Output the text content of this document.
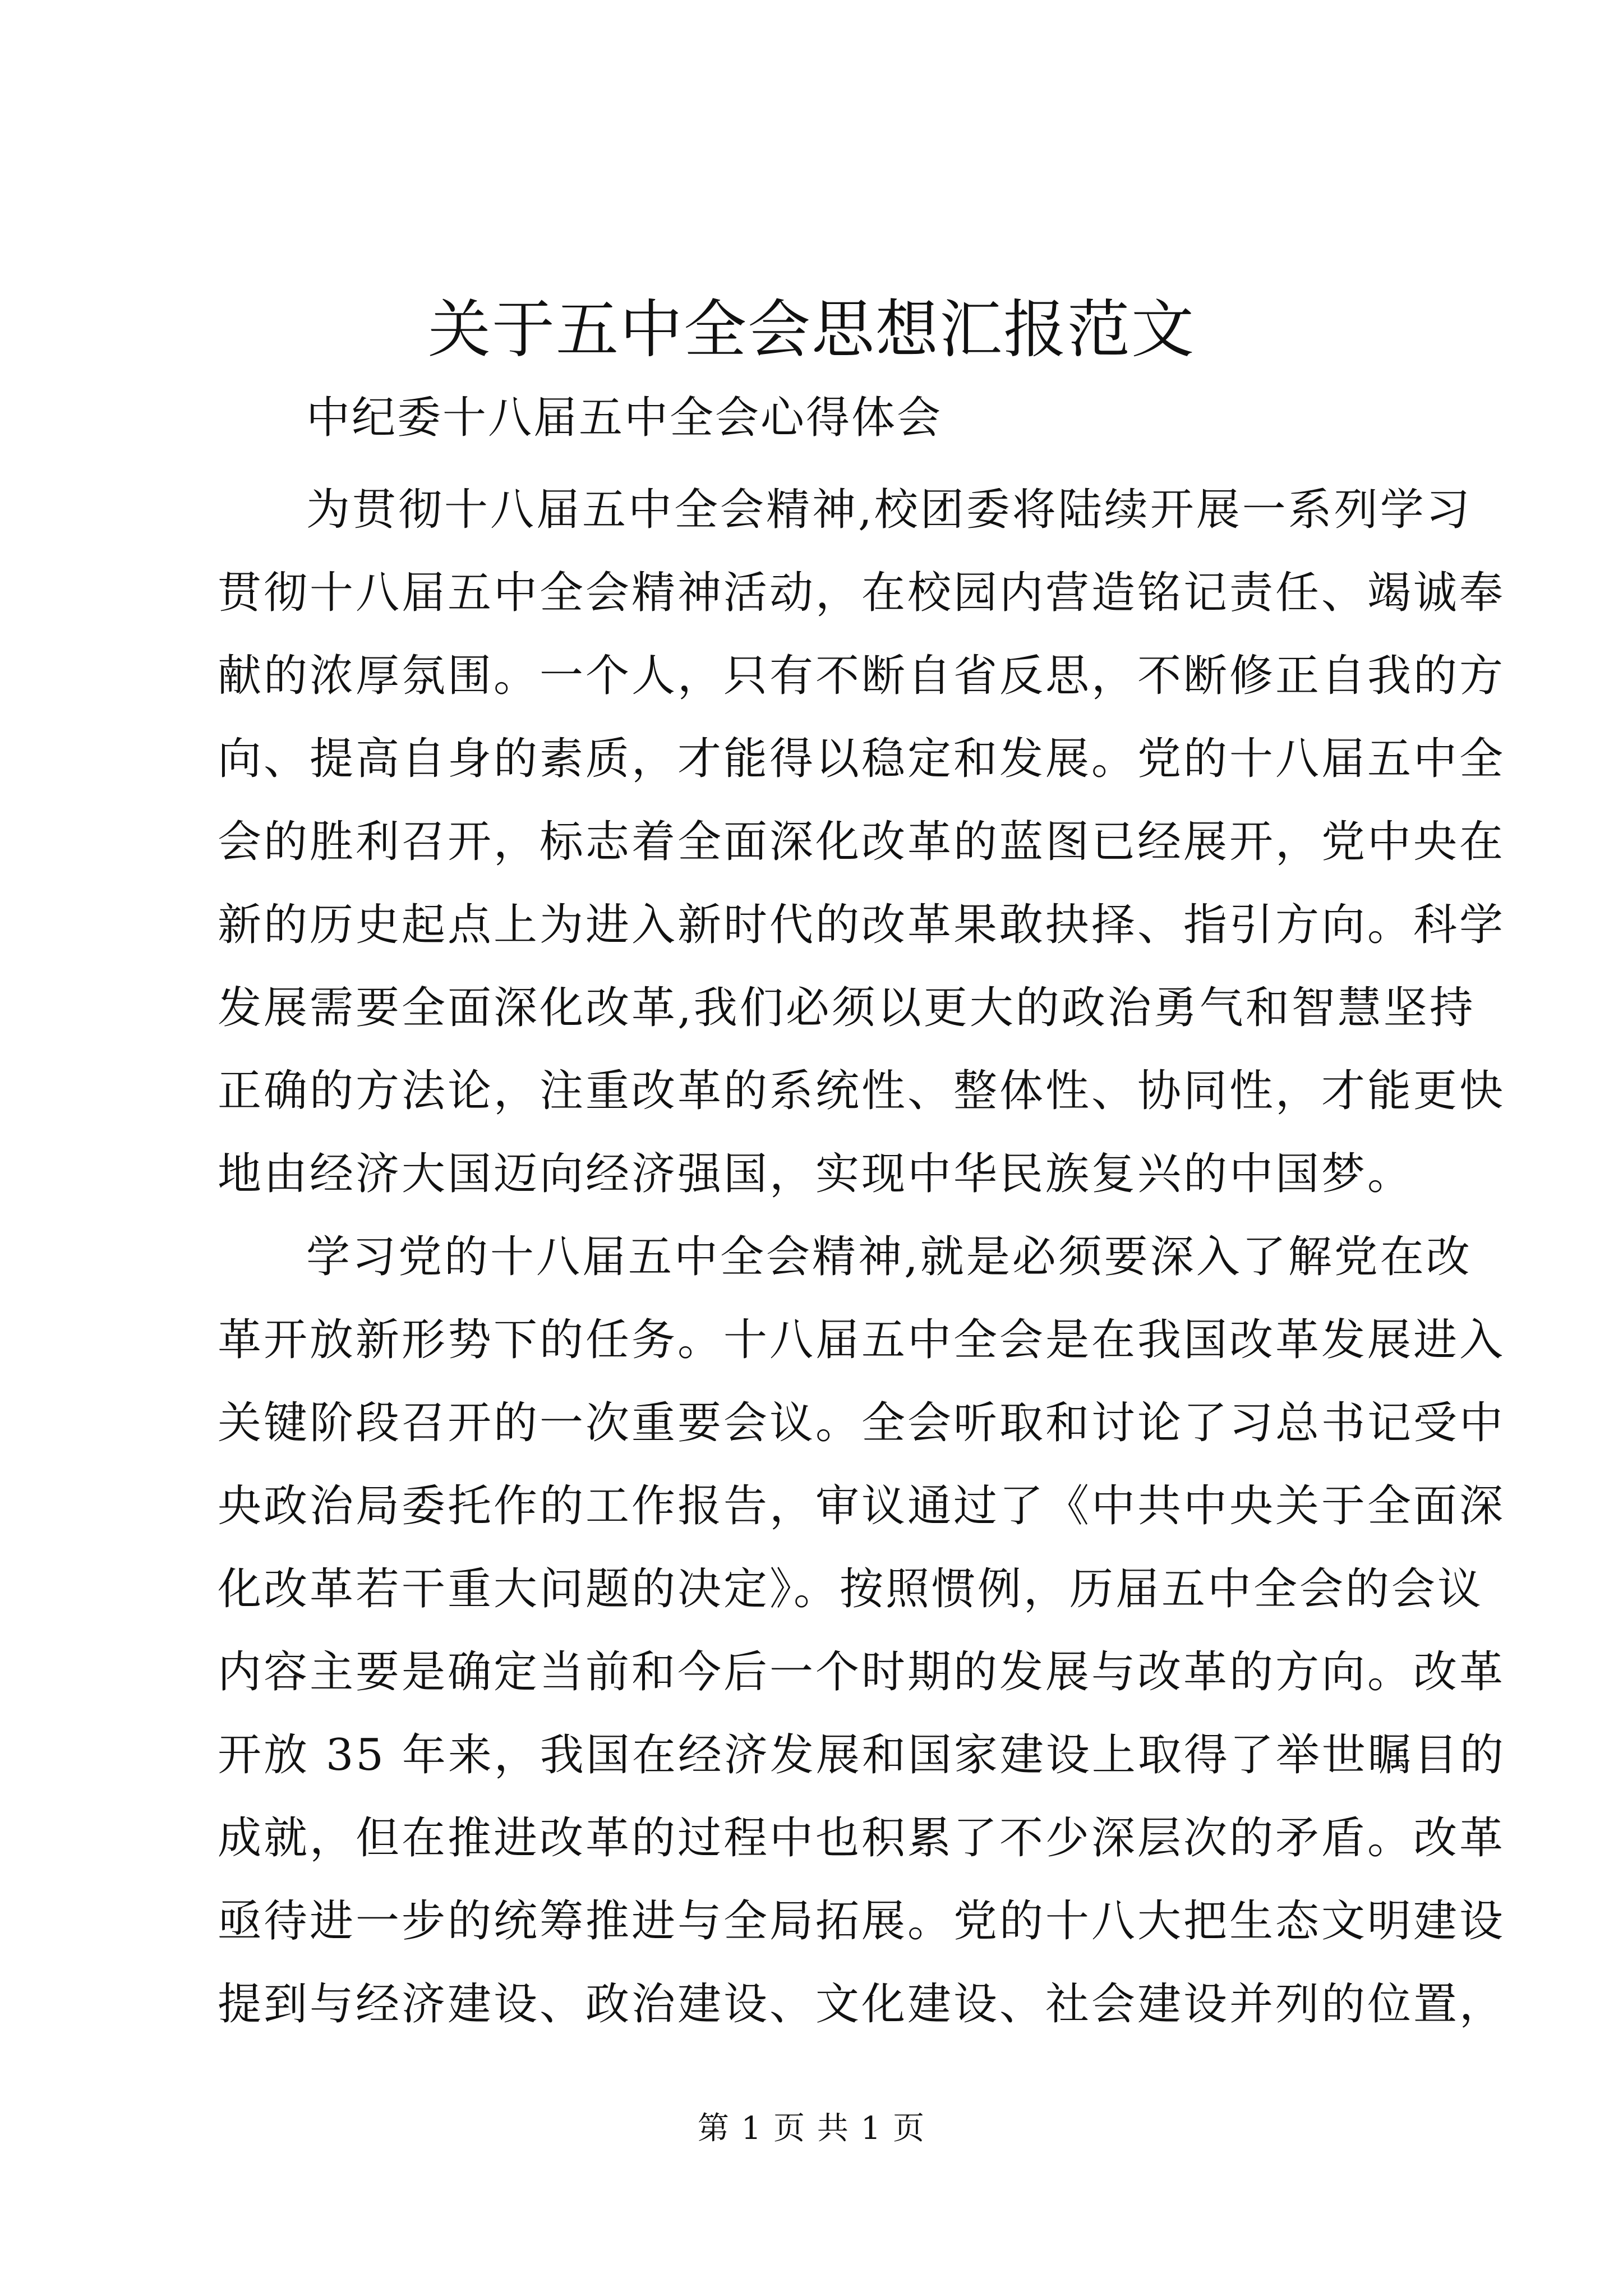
关于五中全会思想汇报范文

中纪委十八届五中全会心得体会

为贯彻十八届五中全会精神,校团委将陆续开展一系列学习

贯彻十八届五中全会精神活动，在校园内营造铭记责任、竭诚奉

献的浓厚氛围。一个人，只有不断自省反思，不断修正自我的方

向、提高自身的素质，才能得以稳定和发展。党的十八届五中全

会的胜利召开，标志着全面深化改革的蓝图已经展开，党中央在

新的历史起点上为进入新时代的改革果敢抉择、指引方向。科学

发展需要全面深化改革,我们必须以更大的政治勇气和智慧坚持

正确的方法论，注重改革的系统性、整体性、协同性，才能更快

地由经济大国迈向经济强国，实现中华民族复兴的中国梦。

学习党的十八届五中全会精神,就是必须要深入了解党在改

革开放新形势下的任务。十八届五中全会是在我国改革发展进入

关键阶段召开的一次重要会议。全会听取和讨论了习总书记受中

央政治局委托作的工作报告，审议通过了《中共中央关于全面深

化改革若干重大问题的决定》。按照惯例，历届五中全会的会议

内容主要是确定当前和今后一个时期的发展与改革的方向。改革

开放 35 年来，我国在经济发展和国家建设上取得了举世瞩目的

成就，但在推进改革的过程中也积累了不少深层次的矛盾。改革

亟待进一步的统筹推进与全局拓展。党的十八大把生态文明建设

提到与经济建设、政治建设、文化建设、社会建设并列的位置，

第 1 页 共 1 页
